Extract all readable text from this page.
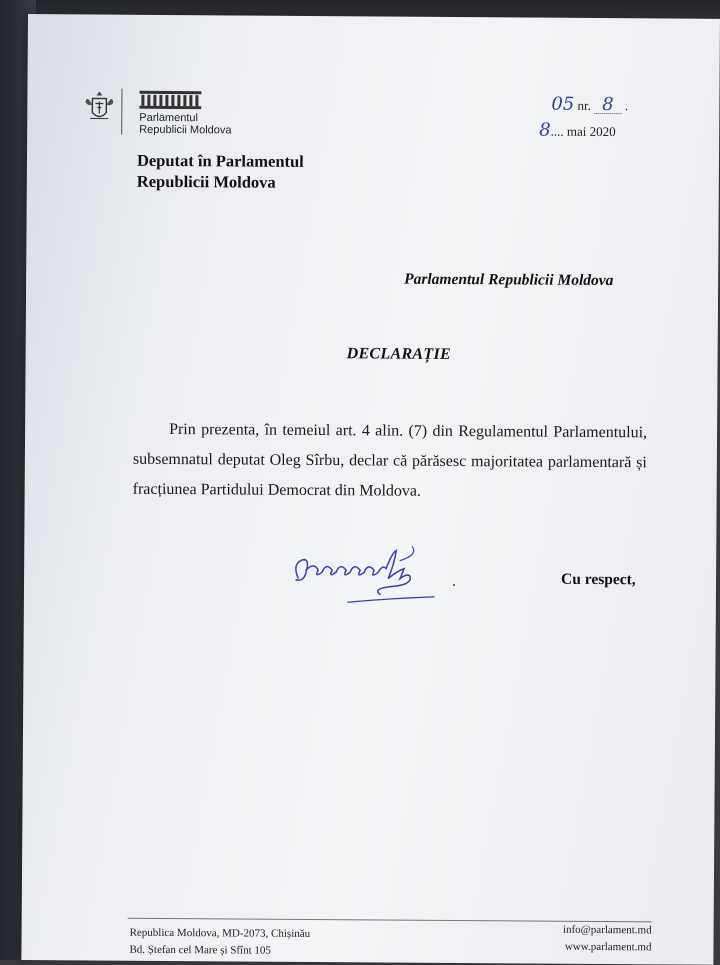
Parlamentul
Republicii Moldova
05 nr. 8 .
8.... mai 2020
Deputat în Parlamentul
Republicii Moldova
Parlamentul Republicii Moldova
DECLARAȚIE
Prin prezenta, în temeiul art. 4 alin. (7) din Regulamentul Parlamentului, subsemnatul deputat Oleg Sîrbu, declar că părăsesc majoritatea parlamentară și fracțiunea Partidului Democrat din Moldova.
Cu respect,
Republica Moldova, MD-2073, Chișinău
Bd. Ștefan cel Mare și Sfînt 105
info@parlament.md
www.parlament.md
